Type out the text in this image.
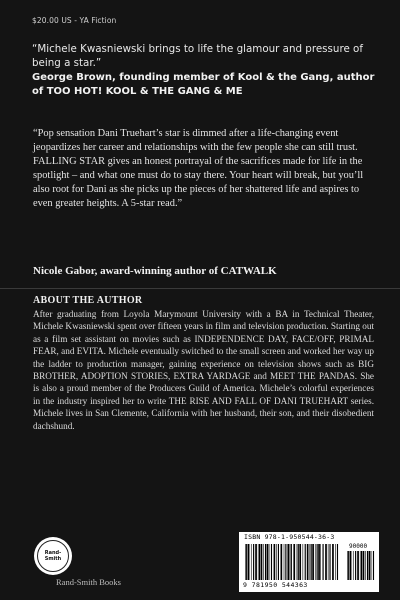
$20.00 US - YA Fiction
“Michele Kwasniewski brings to life the glamour and pressure of being a star.”
George Brown, founding member of Kool & the Gang, author of TOO HOT! KOOL & THE GANG & ME
“Pop sensation Dani Truehart’s star is dimmed after a life-changing event jeopardizes her career and relationships with the few people she can still trust. FALLING STAR gives an honest portrayal of the sacrifices made for life in the spotlight – and what one must do to stay there. Your heart will break, but you’ll also root for Dani as she picks up the pieces of her shattered life and aspires to even greater heights. A 5-star read.”
Nicole Gabor, award-winning author of CATWALK
ABOUT THE AUTHOR
After graduating from Loyola Marymount University with a BA in Technical Theater, Michele Kwasniewski spent over fifteen years in film and television production. Starting out as a film set assistant on movies such as INDEPENDENCE DAY, FACE/OFF, PRIMAL FEAR, and EVITA. Michele eventually switched to the small screen and worked her way up the ladder to production manager, gaining experience on television shows such as BIG BROTHER, ADOPTION STORIES, EXTRA YARDAGE and MEET THE PANDAS. She is also a proud member of the Producers Guild of America. Michele’s colorful experiences in the industry inspired her to write THE RISE AND FALL OF DANI TRUEHART series. Michele lives in San Clemente, California with her husband, their son, and their disobedient dachshund.
Rand-Smith
Rand-Smith Books
ISBN 978-1-950544-36-3
90000
9 781950 544363
